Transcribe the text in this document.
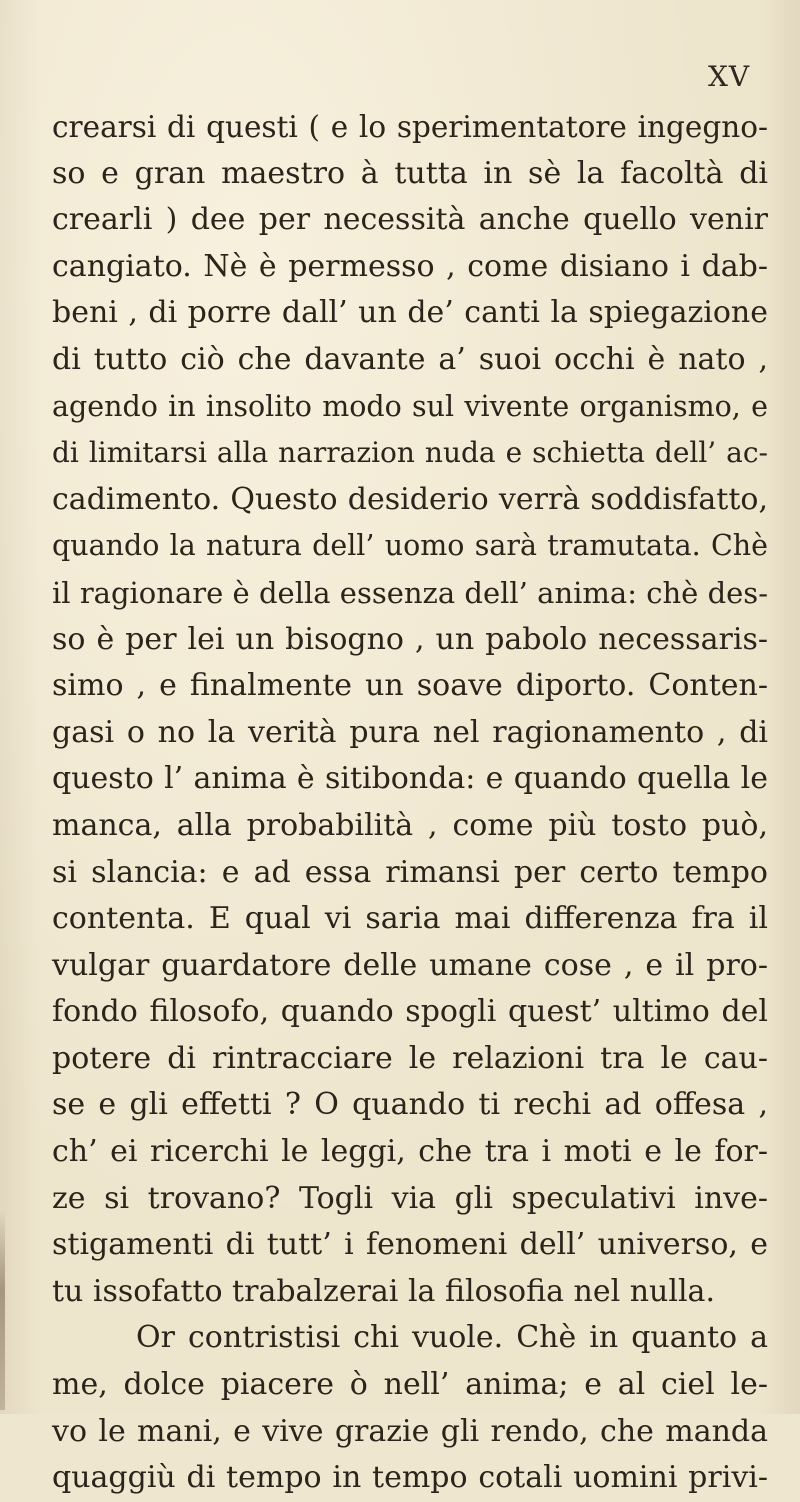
XV
crearsi di questi ( e lo sperimentatore ingegno-
so e gran maestro à tutta in sè la facoltà di
crearli ) dee per necessità anche quello venir
cangiato. Nè è permesso , come disiano i dab-
beni , di porre dall’ un de’ canti la spiegazione
di tutto ciò che davante a’ suoi occhi è nato ,
agendo in insolito modo sul vivente organismo, e
di limitarsi alla narrazion nuda e schietta dell’ ac-
cadimento. Questo desiderio verrà soddisfatto,
quando la natura dell’ uomo sarà tramutata. Chè
il ragionare è della essenza dell’ anima: chè des-
so è per lei un bisogno , un pabolo necessaris-
simo , e finalmente un soave diporto. Conten-
gasi o no la verità pura nel ragionamento , di
questo l’ anima è sitibonda: e quando quella le
manca, alla probabilità , come più tosto può,
si slancia: e ad essa rimansi per certo tempo
contenta. E qual vi saria mai differenza fra il
vulgar guardatore delle umane cose , e il pro-
fondo filosofo, quando spogli quest’ ultimo del
potere di rintracciare le relazioni tra le cau-
se e gli effetti ? O quando ti rechi ad offesa ,
ch’ ei ricerchi le leggi, che tra i moti e le for-
ze si trovano? Togli via gli speculativi inve-
stigamenti di tutt’ i fenomeni dell’ universo, e
tu issofatto trabalzerai la filosofia nel nulla.
Or contristisi chi vuole. Chè in quanto a
me, dolce piacere ò nell’ anima; e al ciel le-
vo le mani, e vive grazie gli rendo, che manda
quaggiù di tempo in tempo cotali uomini privi-
